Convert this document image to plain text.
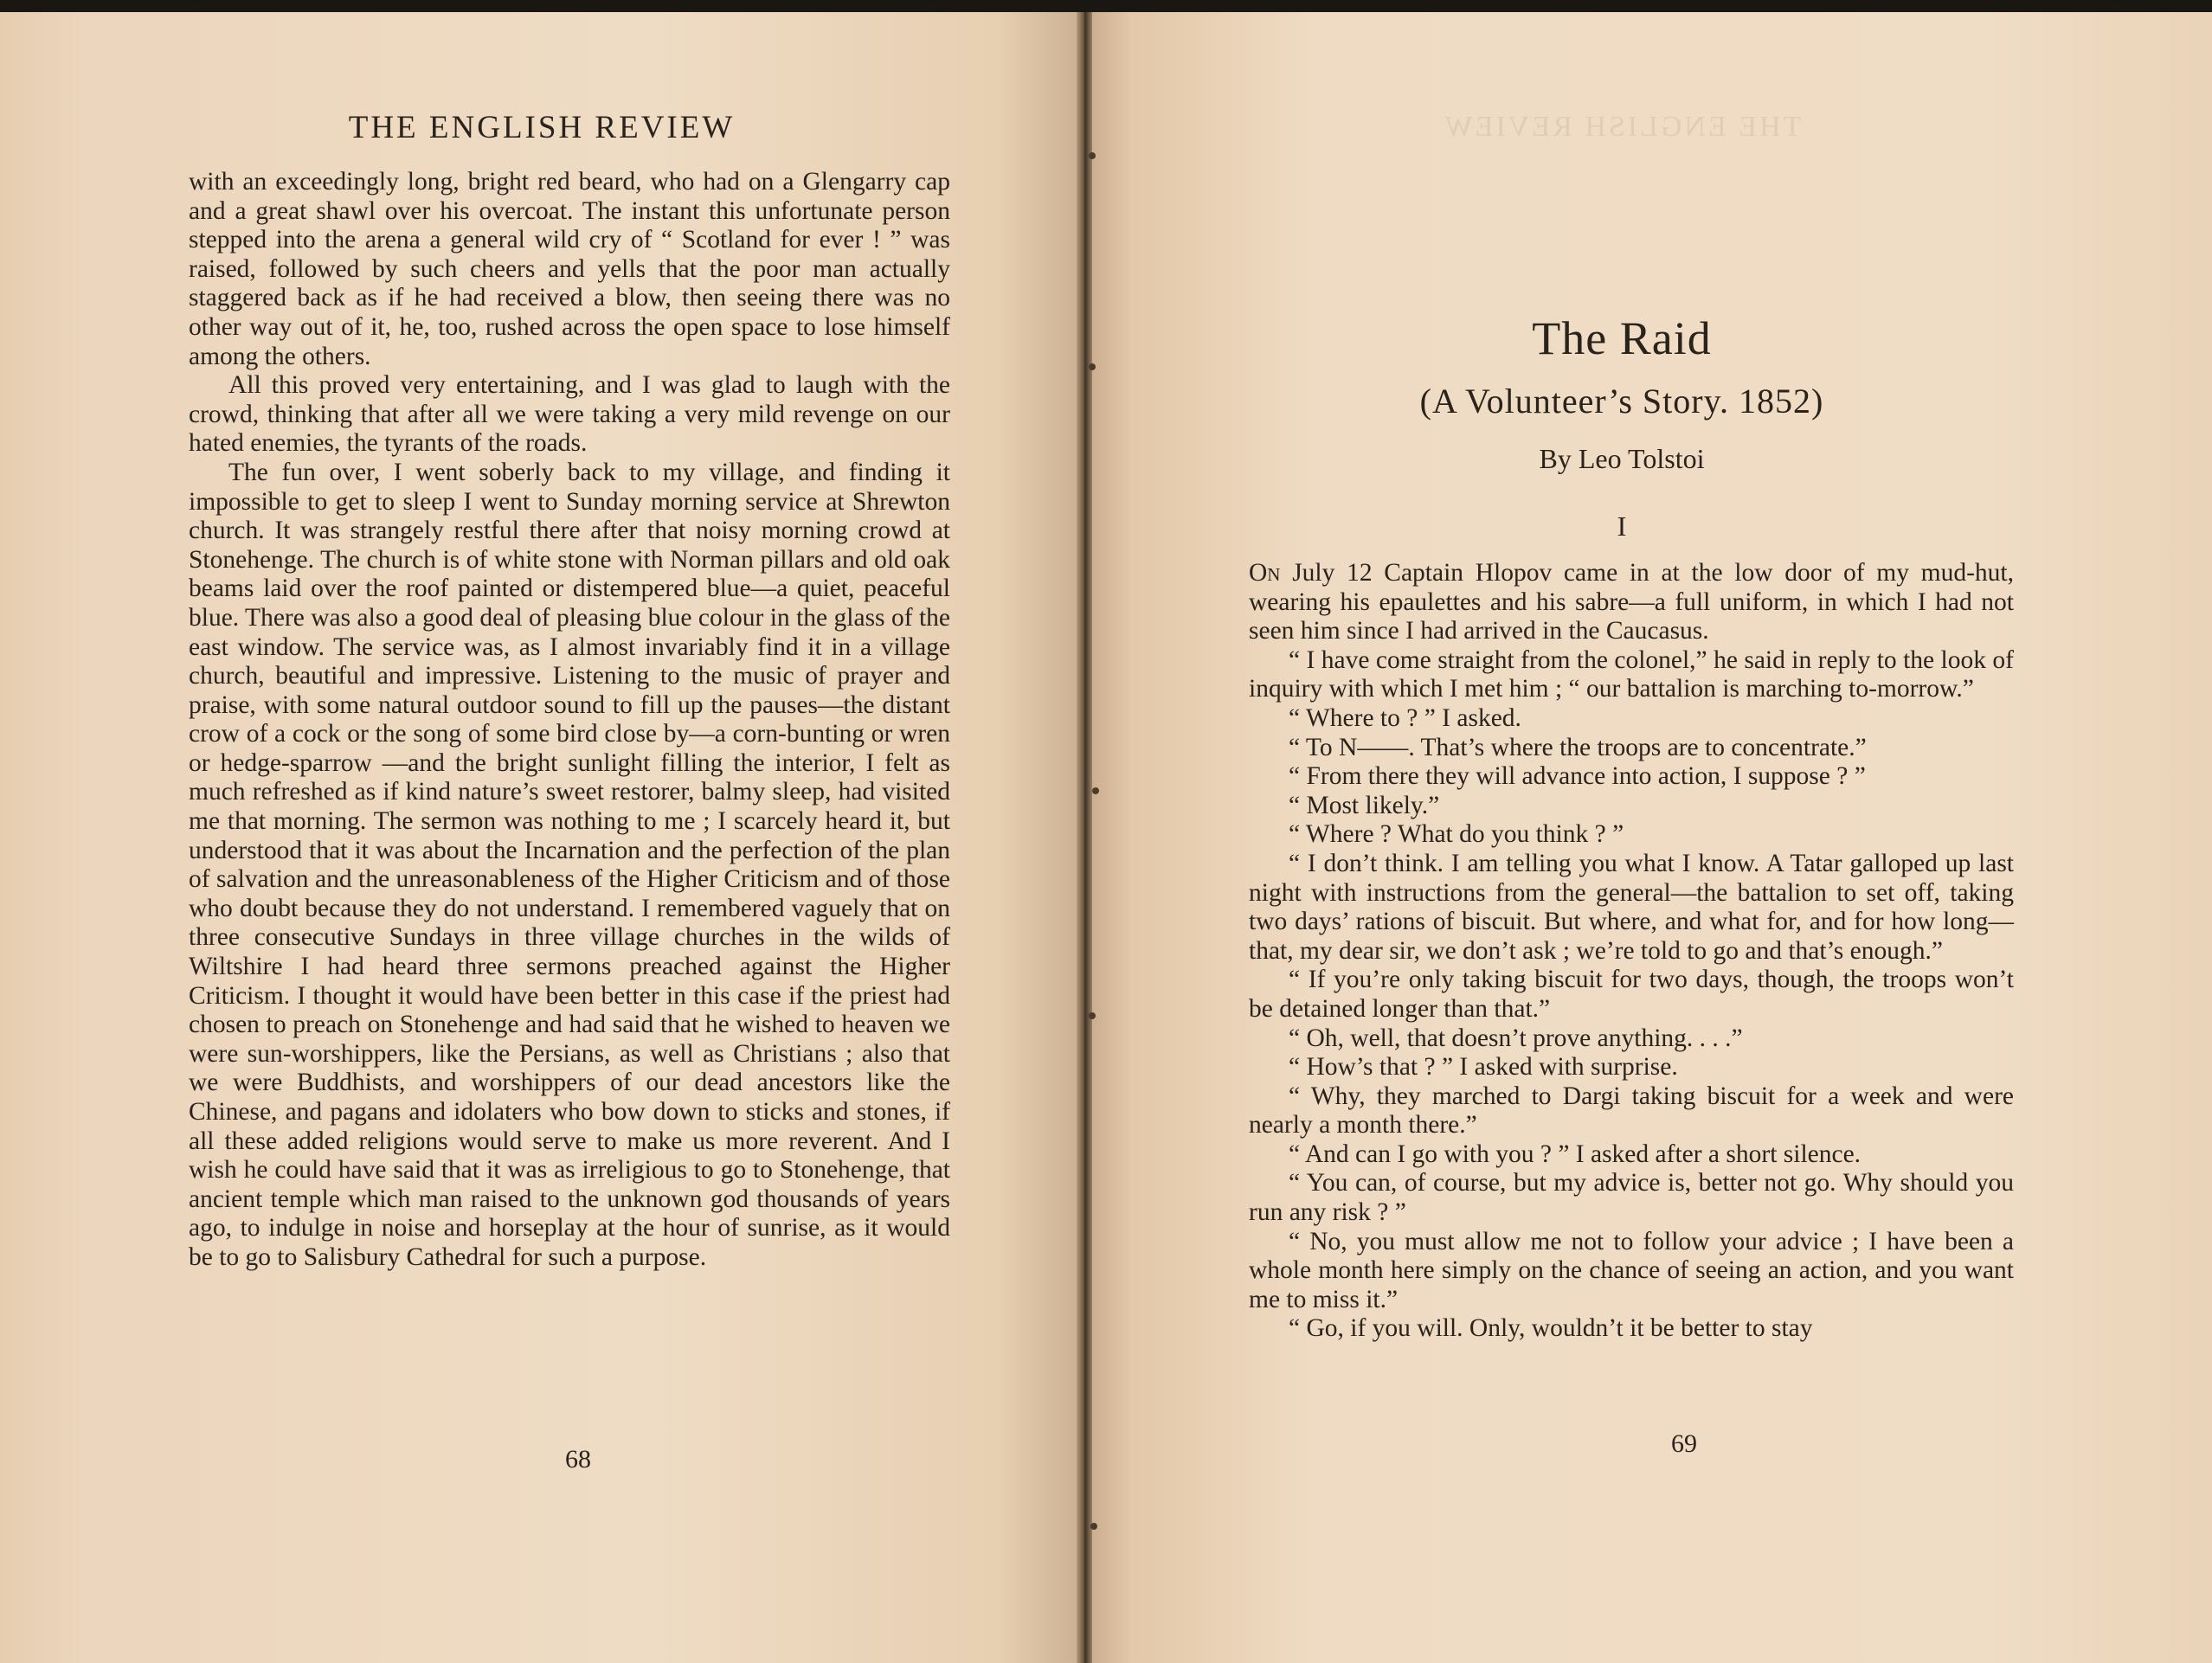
THE ENGLISH REVIEW

with an exceedingly long, bright red beard, who had on a Glengarry cap and a great shawl over his overcoat. The instant this unfortunate person stepped into the arena a general wild cry of “ Scotland for ever ! ” was raised, followed by such cheers and yells that the poor man actually staggered back as if he had received a blow, then seeing there was no other way out of it, he, too, rushed across the open space to lose himself among the others.

All this proved very entertaining, and I was glad to laugh with the crowd, thinking that after all we were taking a very mild revenge on our hated enemies, the tyrants of the roads.

The fun over, I went soberly back to my village, and finding it impossible to get to sleep I went to Sunday morning service at Shrewton church. It was strangely restful there after that noisy morning crowd at Stonehenge. The church is of white stone with Norman pillars and old oak beams laid over the roof painted or distempered blue—a quiet, peaceful blue. There was also a good deal of pleasing blue colour in the glass of the east window. The service was, as I almost invariably find it in a village church, beautiful and impressive. Listening to the music of prayer and praise, with some natural outdoor sound to fill up the pauses—the distant crow of a cock or the song of some bird close by—a corn-bunting or wren or hedge-sparrow —and the bright sunlight filling the interior, I felt as much refreshed as if kind nature’s sweet restorer, balmy sleep, had visited me that morning. The sermon was nothing to me ; I scarcely heard it, but understood that it was about the Incarnation and the perfection of the plan of salvation and the unreasonableness of the Higher Criticism and of those who doubt because they do not understand. I remembered vaguely that on three consecutive Sundays in three village churches in the wilds of Wiltshire I had heard three sermons preached against the Higher Criticism. I thought it would have been better in this case if the priest had chosen to preach on Stonehenge and had said that he wished to heaven we were sun-worshippers, like the Persians, as well as Christians ; also that we were Buddhists, and worshippers of our dead ancestors like the Chinese, and pagans and idolaters who bow down to sticks and stones, if all these added religions would serve to make us more reverent. And I wish he could have said that it was as irreligious to go to Stonehenge, that ancient temple which man raised to the unknown god thousands of years ago, to indulge in noise and horseplay at the hour of sunrise, as it would be to go to Salisbury Cathedral for such a purpose.

68
THE ENGLISH REVIEW
The Raid
(A Volunteer’s Story. 1852)
By Leo Tolstoi
I

On July 12 Captain Hlopov came in at the low door of my mud-hut, wearing his epaulettes and his sabre—a full uniform, in which I had not seen him since I had arrived in the Caucasus.

“ I have come straight from the colonel,” he said in reply to the look of inquiry with which I met him ; “ our battalion is marching to-morrow.”

“ Where to ? ” I asked.

“ To N——. That’s where the troops are to concentrate.”

“ From there they will advance into action, I suppose ? ”

“ Most likely.”

“ Where ? What do you think ? ”

“ I don’t think. I am telling you what I know. A Tatar galloped up last night with instructions from the general—the battalion to set off, taking two days’ rations of biscuit. But where, and what for, and for how long—that, my dear sir, we don’t ask ; we’re told to go and that’s enough.”

“ If you’re only taking biscuit for two days, though, the troops won’t be detained longer than that.”

“ Oh, well, that doesn’t prove anything. . . .”

“ How’s that ? ” I asked with surprise.

“ Why, they marched to Dargi taking biscuit for a week and were nearly a month there.”

“ And can I go with you ? ” I asked after a short silence.

“ You can, of course, but my advice is, better not go. Why should you run any risk ? ”

“ No, you must allow me not to follow your advice ; I have been a whole month here simply on the chance of seeing an action, and you want me to miss it.”

“ Go, if you will. Only, wouldn’t it be better to stay

69
